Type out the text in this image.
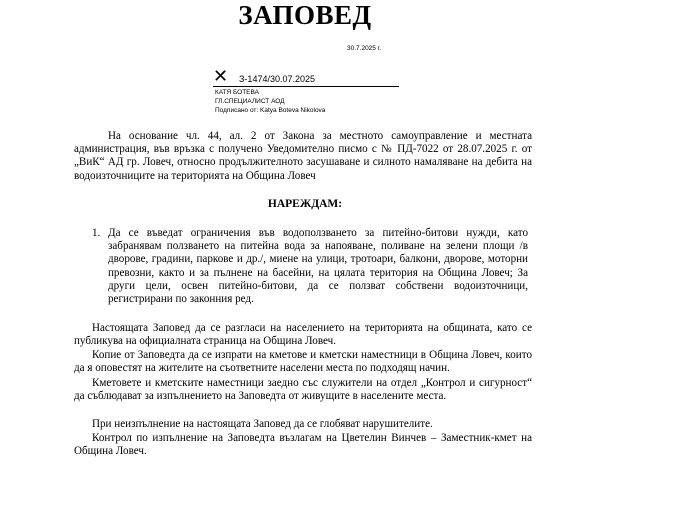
ЗАПОВЕД
30.7.2025 г.
✕ З-1474/30.07.2025
КАТЯ БОТЕВА
ГЛ.СПЕЦИАЛИСТ АОД
Подписано от: Katya Boteva Nikolova

На основание чл. 44, ал. 2 от Закона за местното самоуправление и местната администрация, във връзка с получено Уведомително писмо с № ПД-7022 от 28.07.2025 г. от „ВиК“ АД гр. Ловеч, относно продължителното засушаване и силното намаляване на дебита на водоизточниците на територията на Община Ловеч

НАРЕЖДАМ:
1. Да се въведат ограничения във водоползването за питейно-битови нужди, като забранявам ползването на питейна вода за напояване, поливане на зелени площи /в дворове, градини, паркове и др./, миене на улици, тротоари, балкони, дворове, моторни превозни, както и за пълнене на басейни, на цялата територия на Община Ловеч; За други цели, освен питейно-битови, да се ползват собствени водоизточници, регистрирани по законния ред.

Настоящата Заповед да се разгласи на населението на територията на общината, като се публикува на официалната страница на Община Ловеч.

Копие от Заповедта да се изпрати на кметове и кметски наместници в Община Ловеч, които да я оповестят на жителите на съответните населени места по подходящ начин.

Кметовете и кметските наместници заедно със служители на отдел „Контрол и сигурност“ да съблюдават за изпълнението на Заповедта от живущите в населените места.

При неизпълнение на настоящата Заповед да се глобяват нарушителите.

Контрол по изпълнение на Заповедта възлагам на Цветелин Винчев – Заместник-кмет на Община Ловеч.
